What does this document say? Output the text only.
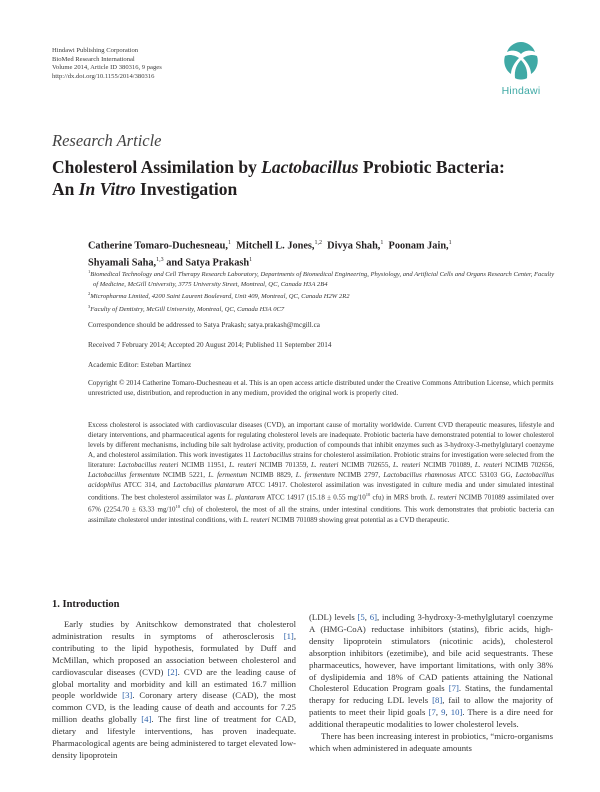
Hindawi Publishing Corporation
BioMed Research International
Volume 2014, Article ID 380316, 9 pages
http://dx.doi.org/10.1155/2014/380316
Hindawi
Research Article
Cholesterol Assimilation by Lactobacillus Probiotic Bacteria:
An In Vitro Investigation
Catherine Tomaro-Duchesneau,$^1$ Mitchell L. Jones,$^{1,2}$ Divya Shah,$^1$ Poonam Jain,$^1$
Shyamali Saha,$^{1,3}$ and Satya Prakash$^1$
$^1$Biomedical Technology and Cell Therapy Research Laboratory, Departments of Biomedical Engineering, Physiology, and Artificial Cells and Organs Research Center, Faculty of Medicine, McGill University, 3775 University Street, Montreal, QC, Canada H3A 2B4
$^2$Micropharma Limited, 4200 Saint Laurent Boulevard, Unit 409, Montreal, QC, Canada H2W 2R2
$^3$Faculty of Dentistry, McGill University, Montreal, QC, Canada H3A 0C7
Correspondence should be addressed to Satya Prakash; satya.prakash@mcgill.ca
Received 7 February 2014; Accepted 20 August 2014; Published 11 September 2014
Academic Editor: Esteban Martínez
Copyright © 2014 Catherine Tomaro-Duchesneau et al. This is an open access article distributed under the Creative Commons Attribution License, which permits unrestricted use, distribution, and reproduction in any medium, provided the original work is properly cited.
Excess cholesterol is associated with cardiovascular diseases (CVD), an important cause of mortality worldwide. Current CVD therapeutic measures, lifestyle and dietary interventions, and pharmaceutical agents for regulating cholesterol levels are inadequate. Probiotic bacteria have demonstrated potential to lower cholesterol levels by different mechanisms, including bile salt hydrolase activity, production of compounds that inhibit enzymes such as 3-hydroxy-3-methylglutaryl coenzyme A, and cholesterol assimilation. This work investigates 11 Lactobacillus strains for cholesterol assimilation. Probiotic strains for investigation were selected from the literature: Lactobacillus reuteri NCIMB 11951, L. reuteri NCIMB 701359, L. reuteri NCIMB 702655, L. reuteri NCIMB 701089, L. reuteri NCIMB 702656, Lactobacillus fermentum NCIMB 5221, L. fermentum NCIMB 8829, L. fermentum NCIMB 2797, Lactobacillus rhamnosus ATCC 53103 GG, Lactobacillus acidophilus ATCC 314, and Lactobacillus plantarum ATCC 14917. Cholesterol assimilation was investigated in culture media and under simulated intestinal conditions. The best cholesterol assimilator was L. plantarum ATCC 14917 (15.18 ± 0.55 $mg/10^{10}$ cfu) in MRS broth. L. reuteri NCIMB 701089 assimilated over 67% (2254.70 ± 63.33 $mg/10^{10}$ cfu) of cholesterol, the most of all the strains, under intestinal conditions. This work demonstrates that probiotic bacteria can assimilate cholesterol under intestinal conditions, with L. reuteri NCIMB 701089 showing great potential as a CVD therapeutic.
1. Introduction

Early studies by Anitschkow demonstrated that cholesterol administration results in symptoms of atherosclerosis [1], contributing to the lipid hypothesis, formulated by Duff and McMillan, which proposed an association between cholesterol and cardiovascular diseases (CVD) [2]. CVD are the leading cause of global mortality and morbidity and kill an estimated 16.7 million people worldwide [3]. Coronary artery disease (CAD), the most common CVD, is the leading cause of death and accounts for 7.25 million deaths globally [4]. The first line of treatment for CAD, dietary and lifestyle interventions, has proven inadequate. Pharmacological agents are being administered to target elevated low-density lipoprotein

(LDL) levels [5, 6], including 3-hydroxy-3-methylglutaryl coenzyme A (HMG-CoA) reductase inhibitors (statins), fibric acids, high-density lipoprotein stimulators (nicotinic acids), cholesterol absorption inhibitors (ezetimibe), and bile acid sequestrants. These pharmaceutics, however, have important limitations, with only 38% of dyslipidemia and 18% of CAD patients attaining the National Cholesterol Education Program goals [7]. Statins, the fundamental therapy for reducing LDL levels [8], fail to allow the majority of patients to meet their lipid goals [7, 9, 10]. There is a dire need for additional therapeutic modalities to lower cholesterol levels.

There has been increasing interest in probiotics, “micro-organisms which when administered in adequate amounts
